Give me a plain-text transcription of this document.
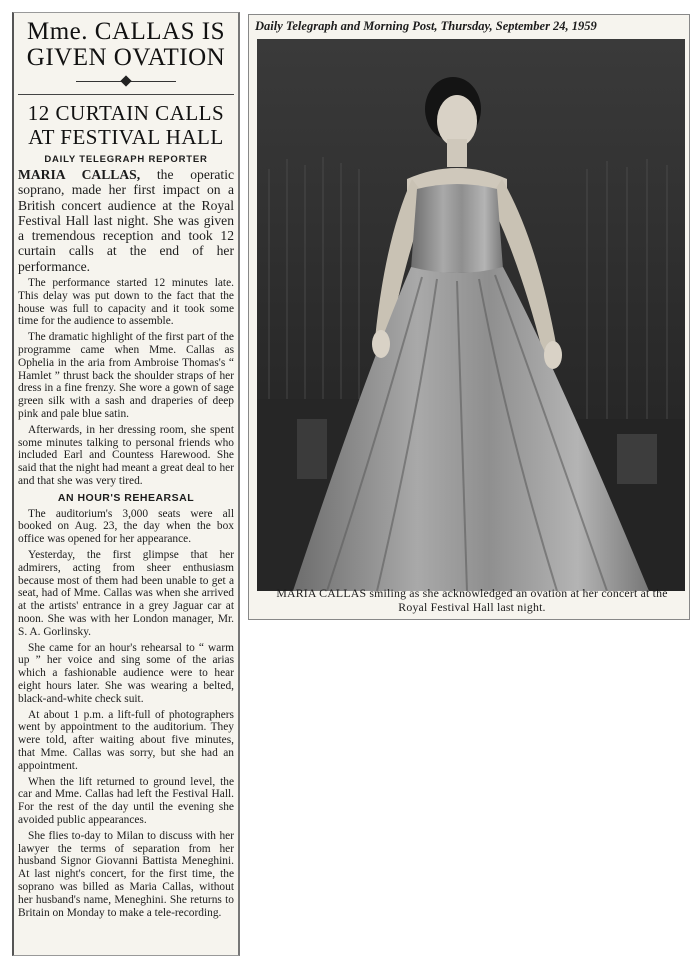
Mme. CALLAS IS GIVEN OVATION
12 CURTAIN CALLS AT FESTIVAL HALL
DAILY TELEGRAPH REPORTER

MARIA CALLAS, the operatic soprano, made her first impact on a British concert audience at the Royal Festival Hall last night. She was given a tremendous reception and took 12 curtain calls at the end of her performance.

The performance started 12 minutes late. This delay was put down to the fact that the house was full to capacity and it took some time for the audience to assemble.

The dramatic highlight of the first part of the programme came when Mme. Callas as Ophelia in the aria from Ambroise Thomas's “ Hamlet ” thrust back the shoulder straps of her dress in a fine frenzy. She wore a gown of sage green silk with a sash and draperies of deep pink and pale blue satin.

Afterwards, in her dressing room, she spent some minutes talking to personal friends who included Earl and Countess Harewood. She said that the night had meant a great deal to her and that she was very tired.

AN HOUR'S REHEARSAL

The auditorium's 3,000 seats were all booked on Aug. 23, the day when the box office was opened for her appearance.

Yesterday, the first glimpse that her admirers, acting from sheer enthusiasm because most of them had been unable to get a seat, had of Mme. Callas was when she arrived at the artists' entrance in a grey Jaguar car at noon. She was with her London manager, Mr. S. A. Gorlinsky.

She came for an hour's rehearsal to “ warm up ” her voice and sing some of the arias which a fashionable audience were to hear eight hours later. She was wearing a belted, black-and-white check suit.

At about 1 p.m. a lift-full of photographers went by appointment to the auditorium. They were told, after waiting about five minutes, that Mme. Callas was sorry, but she had an appointment.

When the lift returned to ground level, the car and Mme. Callas had left the Festival Hall. For the rest of the day until the evening she avoided public appearances.

She flies to-day to Milan to discuss with her lawyer the terms of separation from her husband Signor Giovanni Battista Meneghini. At last night's concert, for the first time, the soprano was billed as Maria Callas, without her husband's name, Meneghini. She returns to Britain on Monday to make a tele-recording.

Daily Telegraph and Morning Post, Thursday, September 24, 1959
MARIA CALLAS smiling as she acknowledged an ovation at her concert at the Royal Festival Hall last night.
